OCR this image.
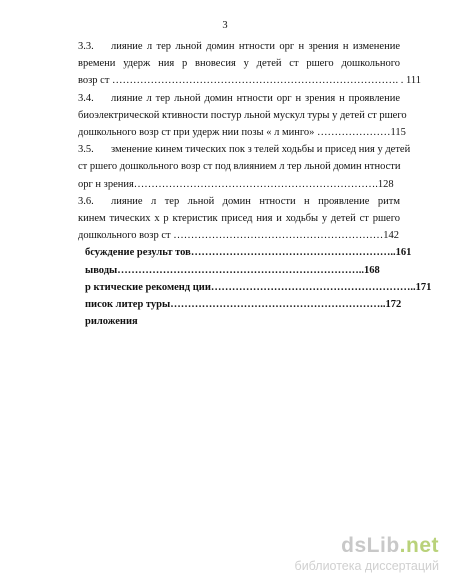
3
3.3. лияние л тер льной домин нтности орг н зрения н изменение
времени удерж ния р вновесия у детей ст ршего дошкольного
возр ст ………………………………………………………………………. . 111
3.4. лияние л тер льной домин нтности орг н зрения н проявление
биоэлектрической ктивности постур льной мускул туры у детей ст ршего
дошкольного возр ст при удерж нии позы « л минго» …………………115
3.5. зменение кинем тических пок з телей ходьбы и присед ния у детей
ст ршего дошкольного возр ст под влиянием л тер льной домин нтности
орг н зрения…………………………………………………………….128
3.6. лияние л тер льной домин нтности н проявление ритм
кинем тических х р ктеристик присед ния и ходьбы у детей ст ршего
дошкольного возр ст ……………………………………………………142
бсуждение результ тов…………………………………………………..161
ыводы……………………………………………………………..168
р ктические рекоменд ции…………………………………………………..171
писок литер туры……………………………………………………..172
риложения
dsLib.net
библиотека диссертаций
